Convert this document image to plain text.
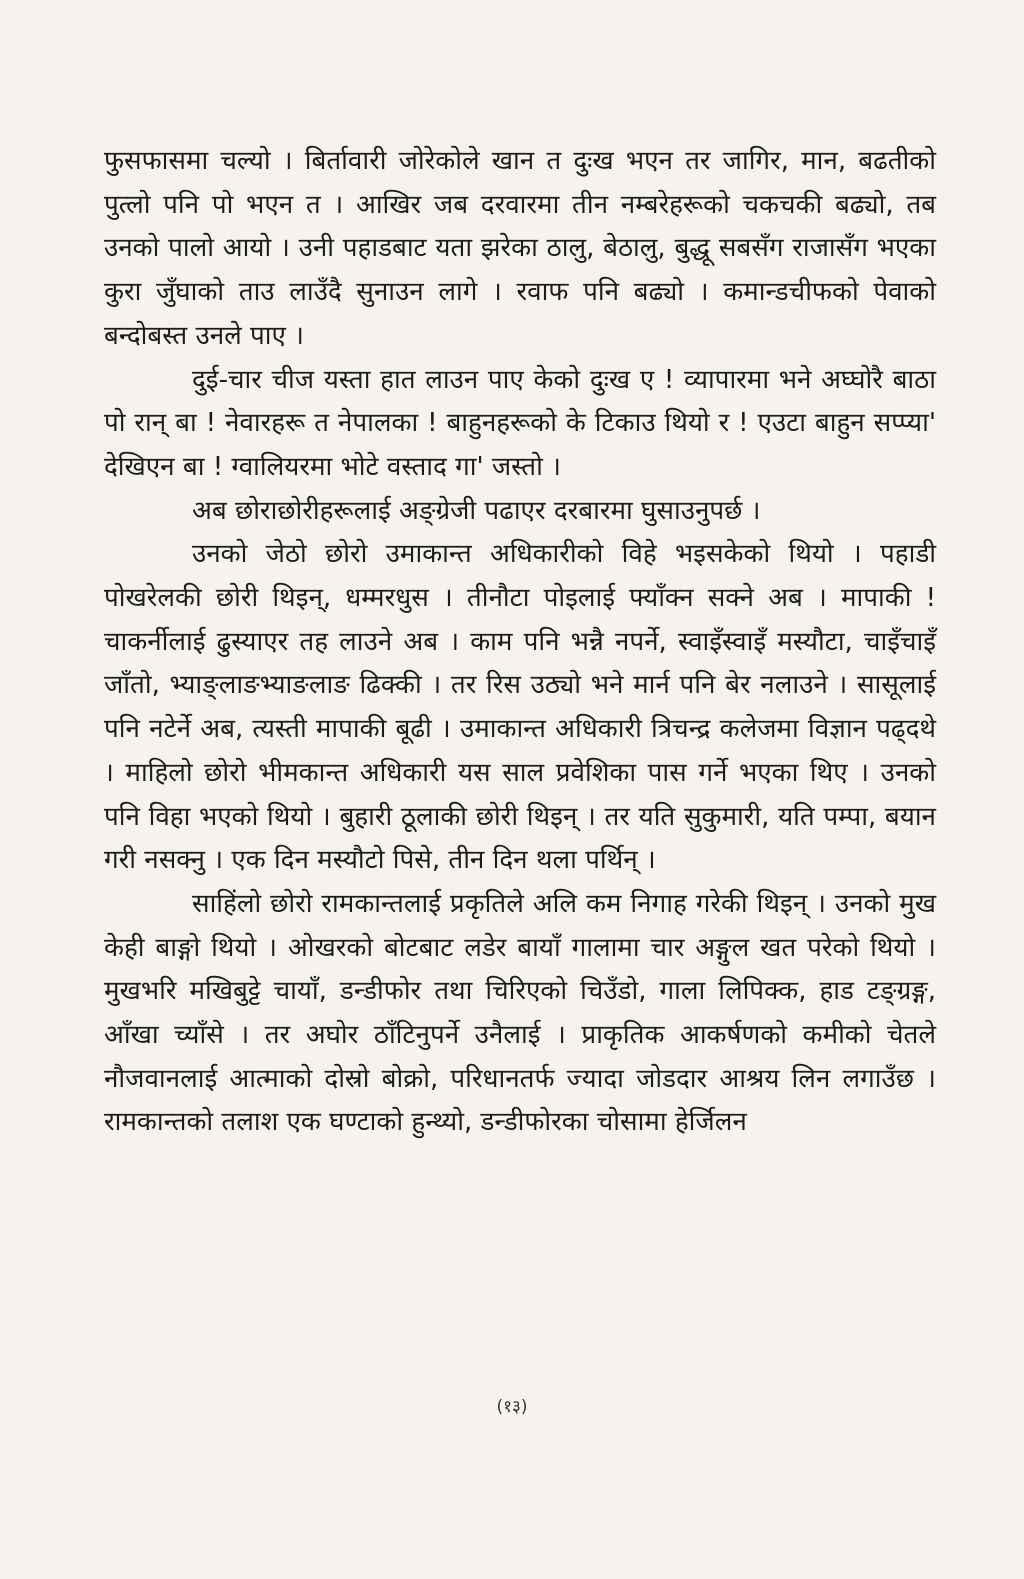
फुसफासमा चल्यो । बिर्तावारी जोरेकोले खान त दुःख भएन तर जागिर, मान, बढतीको पुत्लो पनि पो भएन त । आखिर जब दरवारमा तीन नम्बरेहरूको चकचकी बढ्यो, तब उनको पालो आयो । उनी पहाडबाट यता झरेका ठालु, बेठालु, बुद्धू सबसँग राजासँग भएका कुरा जुँघाको ताउ लाउँदै सुनाउन लागे । रवाफ पनि बढ्यो । कमान्डचीफको पेवाको बन्दोबस्त उनले पाए ।

दुई-चार चीज यस्ता हात लाउन पाए केको दुःख ए ! व्यापारमा भने अघ्घोरै बाठा पो रान् बा ! नेवारहरू त नेपालका ! बाहुनहरूको के टिकाउ थियो र ! एउटा बाहुन सप्प्या' देखिएन बा ! ग्वालियरमा भोटे वस्ताद गा' जस्तो ।

अब छोराछोरीहरूलाई अङ्ग्रेजी पढाएर दरबारमा घुसाउनुपर्छ ।

उनको जेठो छोरो उमाकान्त अधिकारीको विहे भइसकेको थियो । पहाडी पोखरेलकी छोरी थिइन्, धम्मरधुस । तीनौटा पोइलाई फ्याँक्न सक्ने अब । मापाकी ! चाकर्नीलाई ढुस्याएर तह लाउने अब । काम पनि भन्नै नपर्ने, स्वाइँस्वाइँ मस्यौटा, चाइँचाइँ जाँतो, भ्याङ्लाङभ्याङलाङ ढिक्की । तर रिस उठ्यो भने मार्न पनि बेर नलाउने । सासूलाई पनि नटेर्ने अब, त्यस्ती मापाकी बूढी । उमाकान्त अधिकारी त्रिचन्द्र कलेजमा विज्ञान पढ्दथे । माहिलो छोरो भीमकान्त अधिकारी यस साल प्रवेशिका पास गर्ने भएका थिए । उनको पनि विहा भएको थियो । बुहारी ठूलाकी छोरी थिइन् । तर यति सुकुमारी, यति पम्पा, बयान गरी नसक्नु । एक दिन मस्यौटो पिसे, तीन दिन थला पर्थिन् ।

साहिंलो छोरो रामकान्तलाई प्रकृतिले अलि कम निगाह गरेकी थिइन् । उनको मुख केही बाङ्गो थियो । ओखरको बोटबाट लडेर बायाँ गालामा चार अङ्गुल खत परेको थियो । मुखभरि मखिबुट्टे चायाँ, डन्डीफोर तथा चिरिएको चिउँडो, गाला लिपिक्क, हाड टङ्ग्रङ्ग, आँखा च्याँसे । तर अघोर ठाँटिनुपर्ने उनैलाई । प्राकृतिक आकर्षणको कमीको चेतले नौजवानलाई आत्माको दोस्रो बोक्रो, परिधानतर्फ ज्यादा जोडदार आश्रय लिन लगाउँछ । रामकान्तको तलाश एक घण्टाको हुन्थ्यो, डन्डीफोरका चोसामा हेर्जिलन

(१३)
